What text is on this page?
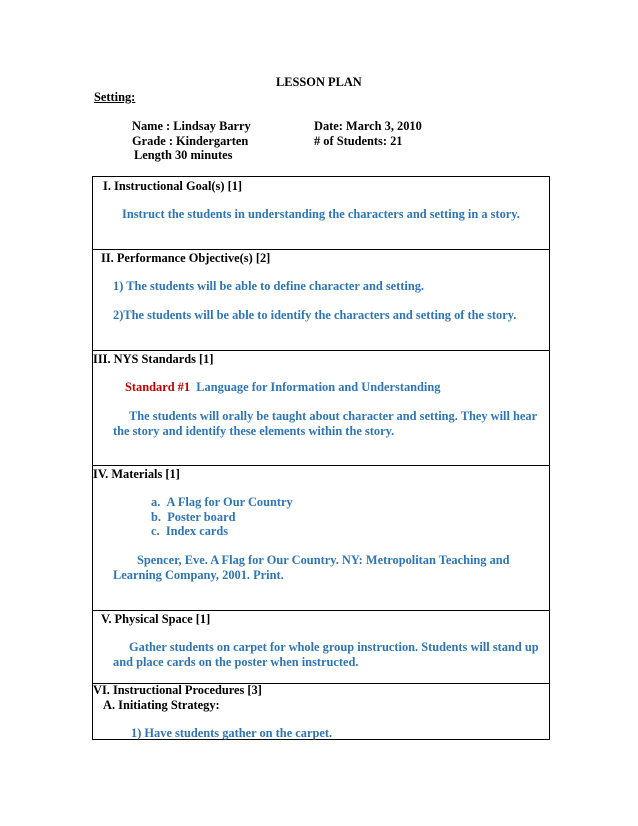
LESSON PLAN
Setting:
Name : Lindsay Barry
Grade : Kindergarten
Length 30 minutes
Date: March 3, 2010
# of Students: 21
I. Instructional Goal(s) [1]
Instruct the students in understanding the characters and setting in a story.
II. Performance Objective(s) [2]
1) The students will be able to define character and setting.
2)The students will be able to identify the characters and setting of the story.
III. NYS Standards [1]
Standard #1 Language for Information and Understanding
The students will orally be taught about character and setting. They will hear
the story and identify these elements within the story.
IV. Materials [1]
a. A Flag for Our Country
b. Poster board
c. Index cards
Spencer, Eve. A Flag for Our Country. NY: Metropolitan Teaching and
Learning Company, 2001. Print.
V. Physical Space [1]
Gather students on carpet for whole group instruction. Students will stand up
and place cards on the poster when instructed.
VI. Instructional Procedures [3]
A. Initiating Strategy:
1) Have students gather on the carpet.
